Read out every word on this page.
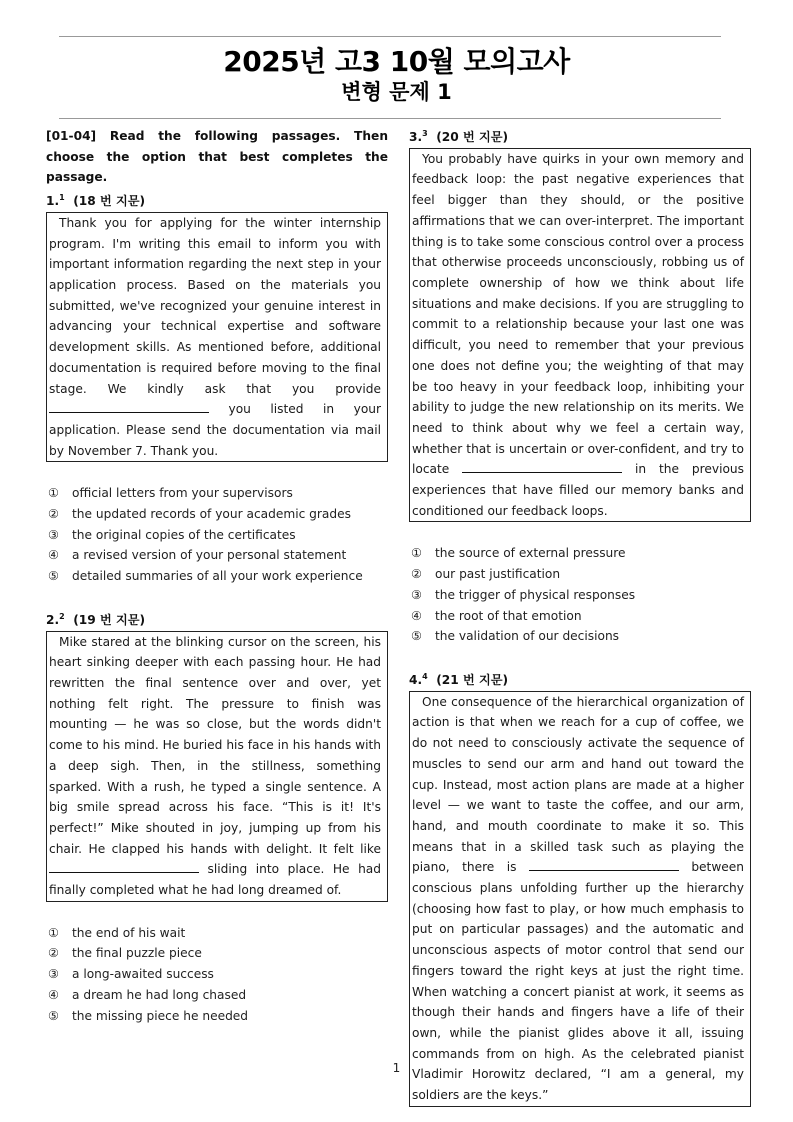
2025년 고3 10월 모의고사
변형 문제 1

[01-04] Read the following passages. Then choose the option that best completes the passage.

1.$^1$ (18 번 지문)

Thank you for applying for the winter internship program. I'm writing this email to inform you with important information regarding the next step in your application process. Based on the materials you submitted, we've recognized your genuine interest in advancing your technical expertise and software development skills. As mentioned before, additional documentation is required before moving to the final stage. We kindly ask that you provide  you listed in your application. Please send the documentation via mail by November 7. Thank you.

① official letters from your supervisors
② the updated records of your academic grades
③ the original copies of the certificates
④ a revised version of your personal statement
⑤ detailed summaries of all your work experience

2.$^2$ (19 번 지문)

Mike stared at the blinking cursor on the screen, his heart sinking deeper with each passing hour. He had rewritten the final sentence over and over, yet nothing felt right. The pressure to finish was mounting — he was so close, but the words didn't come to his mind. He buried his face in his hands with a deep sigh. Then, in the stillness, something sparked. With a rush, he typed a single sentence. A big smile spread across his face. “This is it! It's perfect!” Mike shouted in joy, jumping up from his chair. He clapped his hands with delight. It felt like  sliding into place. He had finally completed what he had long dreamed of.

① the end of his wait
② the final puzzle piece
③ a long-awaited success
④ a dream he had long chased
⑤ the missing piece he needed

3.$^3$ (20 번 지문)

You probably have quirks in your own memory and feedback loop: the past negative experiences that feel bigger than they should, or the positive affirmations that we can over-interpret. The important thing is to take some conscious control over a process that otherwise proceeds unconsciously, robbing us of complete ownership of how we think about life situations and make decisions. If you are struggling to commit to a relationship because your last one was difficult, you need to remember that your previous one does not define you; the weighting of that may be too heavy in your feedback loop, inhibiting your ability to judge the new relationship on its merits. We need to think about why we feel a certain way, whether that is uncertain or over-confident, and try to locate	in the previous experiences that have filled our memory banks and conditioned our feedback loops.

① the source of external pressure
② our past justification
③ the trigger of physical responses
④ the root of that emotion
⑤ the validation of our decisions

4.$^4$ (21 번 지문)

One consequence of the hierarchical organization of action is that when we reach for a cup of coffee, we do not need to consciously activate the sequence of muscles to send our arm and hand out toward the cup. Instead, most action plans are made at a higher level — we want to taste the coffee, and our arm, hand, and mouth coordinate to make it so. This means that in a skilled task such as playing the piano, there is	between conscious plans unfolding further up the hierarchy (choosing how fast to play, or how much emphasis to put on particular passages) and the automatic and unconscious aspects of motor control that send our fingers toward the right keys at just the right time. When watching a concert pianist at work, it seems as though their hands and fingers have a life of their own, while the pianist glides above it all, issuing commands from on high. As the celebrated pianist Vladimir Horowitz declared, “I am a general, my soldiers are the keys.”

1
